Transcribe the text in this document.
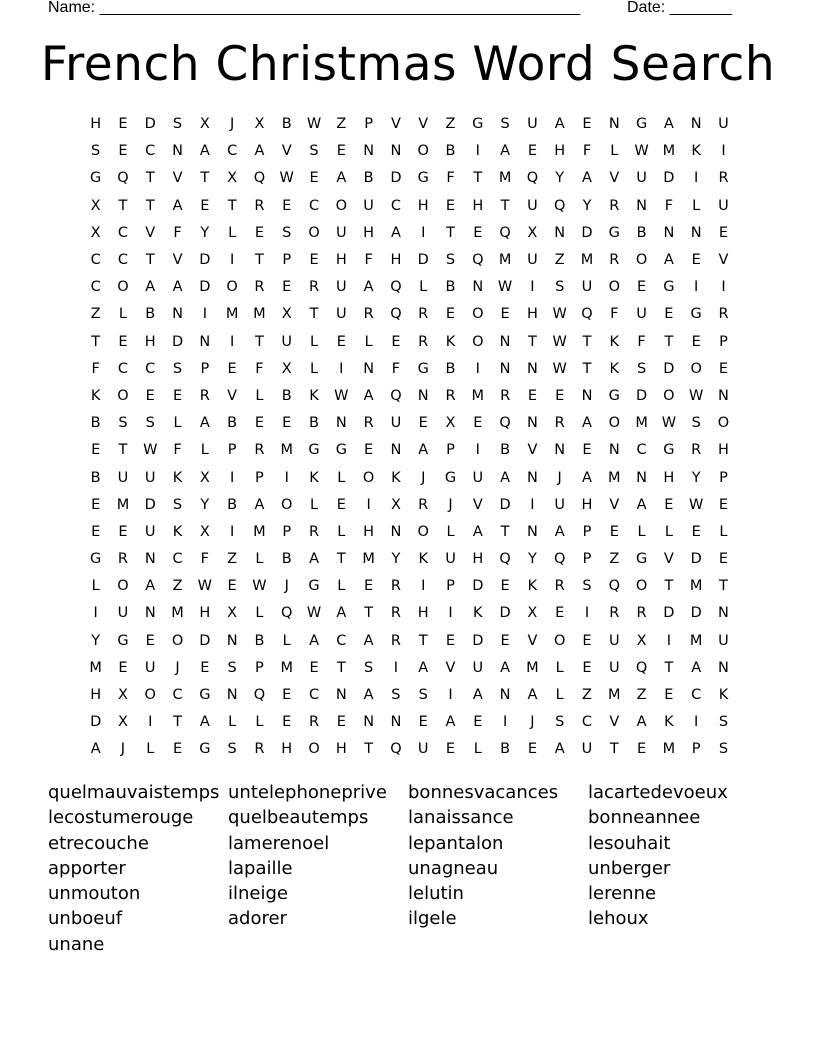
Name: ______________________________________________________	Date: _______
French Christmas Word Search
H	E	D	S	X	J	X	B	W	Z	P	V	V	Z	G	S	U	A	E	N	G	A	N	U
S	E	C	N	A	C	A	V	S	E	N	N	O	B	I	A	E	H	F	L	W M	K	I
G	Q	T	V	T	X	Q W	E	A	B	D	G	F	T	M	Q	Y	A	V	U	D	I	R
X	T	T	A	E	T	R	E	C	O	U	C	H	E	H	T	U	Q	Y	R	N	F	L	U
X	C	V	F	Y	L	E	S	O	U	H	A	I	T	E	Q	X	N	D	G	B	N	N	E
C	C	T	V	D	I	T	P	E	H	F	H	D	S	Q	M	U	Z	M	R	O	A	E	V
C	O	A	A	D	O	R	E	R	U	A	Q	L	B	N	W	I	S	U	O	E	G	I	I
Z	L	B	N	I	M	M	X	T	U	R	Q	R	E	O	E	H	W Q	F	U	E	G	R
T	E	H	D	N	I	T	U	L	E	L	E	R	K	O	N	T	W	T	K	F	T	E	P
F	C	C	S	P	E	F	X	L	I	N	F	G	B	I	N	N	W	T	K	S	D	O	E
K	O	E	E	R	V	L	B	K	W	A	Q	N	R	M	R	E	E	N	G	D	O W	N
B	S	S	L	A	B	E	E	B	N	R	U	E	X	E	Q	N	R	A	O	M W	S	O
E	T	W	F	L	P	R	M	G	G	E	N	A	P	I	B	V	N	E	N	C	G	R	H
B	U	U	K	X	I	P	I	K	L	O	K	J	G	U	A	N	J	A	M	N	H	Y	P
E	M	D	S	Y	B	A	O	L	E	I	X	R	J	V	D	I	U	H	V	A	E	W	E
E	E	U	K	X	I	M	P	R	L	H	N	O	L	A	T	N	A	P	E	L	L	E	L
G	R	N	C	F	Z	L	B	A	T	M	Y	K	U	H	Q	Y	Q	P	Z	G	V	D	E
L	O	A	Z	W	E	W	J	G	L	E	R	I	P	D	E	K	R	S	Q	O	T	M	T
I	U	N	M	H	X	L	Q W	A	T	R	H	I	K	D	X	E	I	R	R	D	D	N
Y	G	E	O	D	N	B	L	A	C	A	R	T	E	D	E	V	O	E	U	X	I	M	U
M	E	U	J	E	S	P	M	E	T	S	I	A	V	U	A	M	L	E	U	Q	T	A	N
H	X	O	C	G	N	Q	E	C	N	A	S	S	I	A	N	A	L	Z	M	Z	E	C	K
D	X	I	T	A	L	L	E	R	E	N	N	E	A	E	I	J	S	C	V	A	K	I	S
A	J	L	E	G	S	R	H	O	H	T	Q	U	E	L	B	E	A	U	T	E	M	P	S
quelmauvaistemps untelephoneprive	bonnesvacances	lacartedevoeux
lecostumerouge	quelbeautemps	lanaissance	bonneannee
etrecouche	lamerenoel	lepantalon	lesouhait
apporter	lapaille	unagneau	unberger
unmouton	ilneige	lelutin	lerenne
unboeuf	adorer	ilgele	lehoux
unane
